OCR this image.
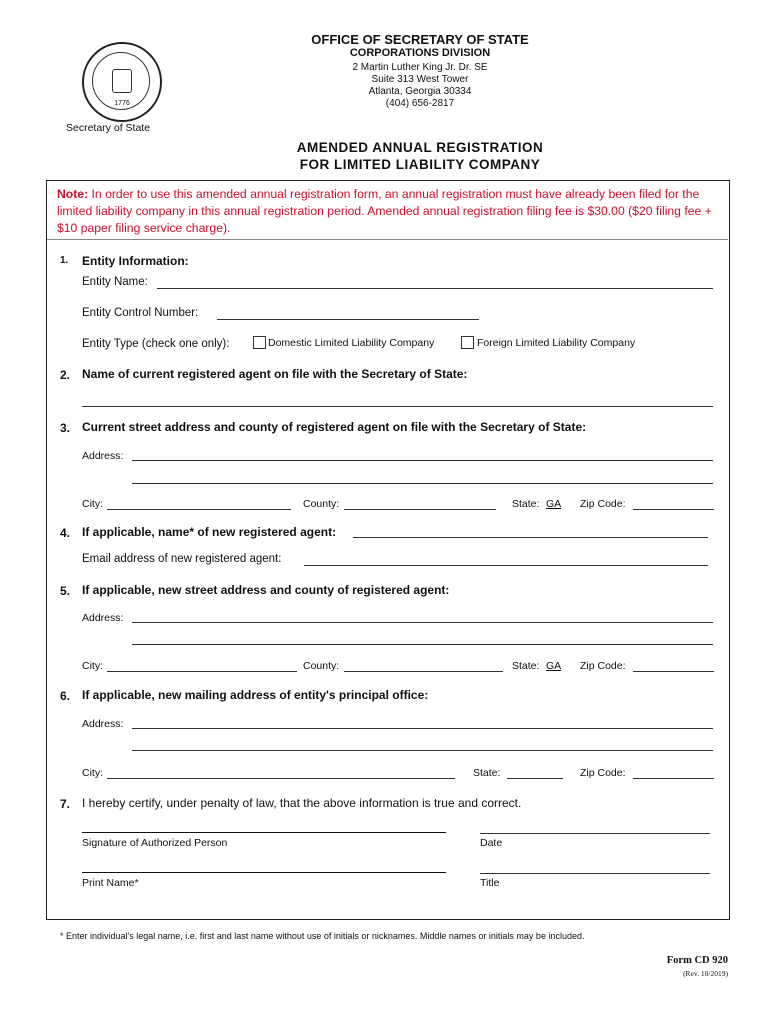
1776
Secretary of State
OFFICE OF SECRETARY OF STATE
CORPORATIONS DIVISION
2 Martin Luther King Jr. Dr. SE
Suite 313 West Tower
Atlanta, Georgia 30334
(404) 656-2817
AMENDED ANNUAL REGISTRATION
FOR LIMITED LIABILITY COMPANY
Note: In order to use this amended annual registration form, an annual registration must have already been filed for the limited liability company in this annual registration period. Amended annual registration filing fee is $30.00 ($20 filing fee + $10 paper filing service charge).
1. Entity Information:
Entity Name:
Entity Control Number:
Entity Type (check one only):	Domestic Limited Liability Company	Foreign Limited Liability Company
2. Name of current registered agent on file with the Secretary of State:
3. Current street address and county of registered agent on file with the Secretary of State:
Address:
City:	County:	State: GA Zip Code:
4. If applicable, name* of new registered agent:
Email address of new registered agent:
5. If applicable, new street address and county of registered agent:
Address:
City:	County:	State: GA Zip Code:
6. If applicable, new mailing address of entity's principal office:
Address:
City:	State:	Zip Code:
7. I hereby certify, under penalty of law, that the above information is true and correct.
Signature of Authorized Person	Date
Print Name*	Title
* Enter individual's legal name, i.e. first and last name without use of initials or nicknames. Middle names or initials may be included.
Form CD 920
(Rev. 10/2019)
